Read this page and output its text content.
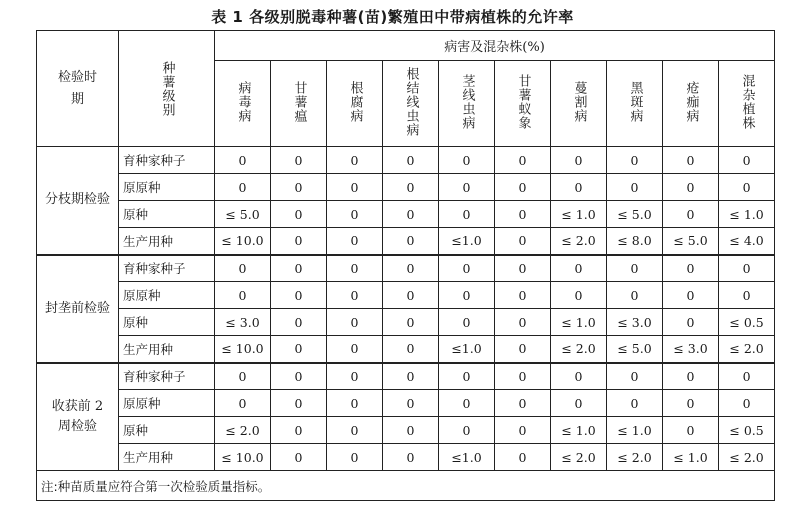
表 1 各级别脱毒种薯(苗)繁殖田中带病植株的允许率
检验时期	种薯级别	病害及混杂株(%)									
		病毒病	甘薯瘟	根腐病	根结线虫病	茎线虫病	甘薯蚁象	蔓割病	黑斑病	疮痂病	混杂植株
分枝期检验	育种家种子	0	0	0	0	0	0	0	0	0	0
	原原种	0	0	0	0	0	0	0	0	0	0
	原种	≤ 5.0	0	0	0	0	0	≤ 1.0	≤ 5.0	0	≤ 1.0
	生产用种	≤ 10.0	0	0	0	≤1.0	0	≤ 2.0	≤ 8.0	≤ 5.0	≤ 4.0
封垄前检验	育种家种子	0	0	0	0	0	0	0	0	0	0
	原原种	0	0	0	0	0	0	0	0	0	0
	原种	≤ 3.0	0	0	0	0	0	≤ 1.0	≤ 3.0	0	≤ 0.5
	生产用种	≤ 10.0	0	0	0	≤1.0	0	≤ 2.0	≤ 5.0	≤ 3.0	≤ 2.0
收获前 2 周检验	育种家种子	0	0	0	0	0	0	0	0	0	0
	原原种	0	0	0	0	0	0	0	0	0	0
	原种	≤ 2.0	0	0	0	0	0	≤ 1.0	≤ 1.0	0	≤ 0.5
	生产用种	≤ 10.0	0	0	0	≤1.0	0	≤ 2.0	≤ 2.0	≤ 1.0	≤ 2.0
注:种苗质量应符合第一次检验质量指标。											
